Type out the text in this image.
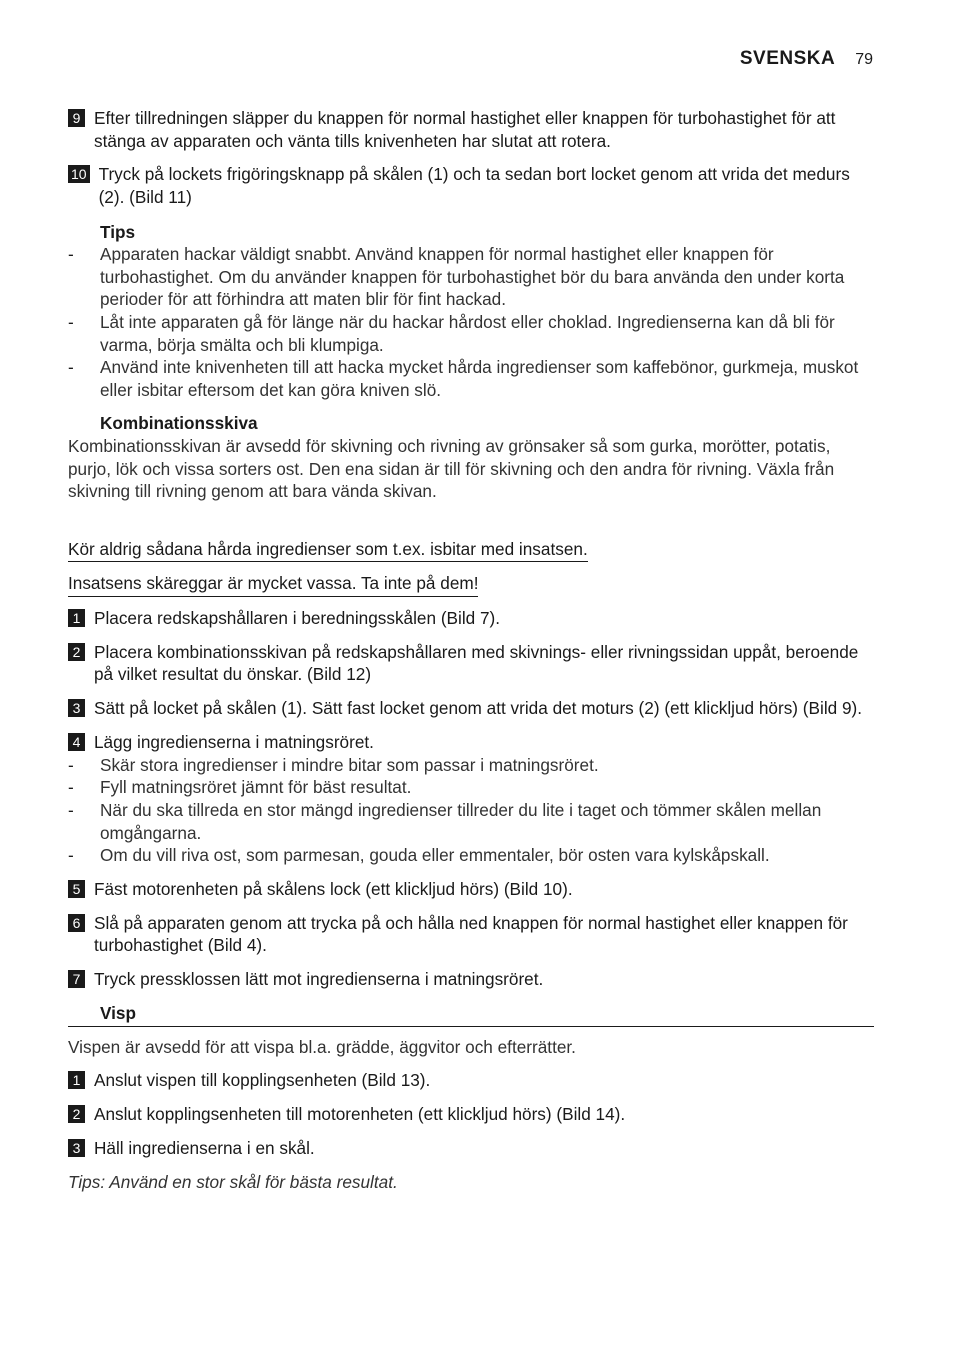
SVENSKA 79
9 Efter tillredningen släpper du knappen för normal hastighet eller knappen för turbohastighet för att stänga av apparaten och vänta tills knivenheten har slutat att rotera.
10 Tryck på lockets frigöringsknapp på skålen (1) och ta sedan bort locket genom att vrida det medurs (2). (Bild 11)
Tips
-	Apparaten hackar väldigt snabbt. Använd knappen för normal hastighet eller knappen för turbohastighet. Om du använder knappen för turbohastighet bör du bara använda den under korta perioder för att förhindra att maten blir för fint hackad.
-	Låt inte apparaten gå för länge när du hackar hårdost eller choklad. Ingredienserna kan då bli för varma, börja smälta och bli klumpiga.
-	Använd inte knivenheten till att hacka mycket hårda ingredienser som kaffebönor, gurkmeja, muskot eller isbitar eftersom det kan göra kniven slö.
Kombinationsskiva
Kombinationsskivan är avsedd för skivning och rivning av grönsaker så som gurka, morötter, potatis, purjo, lök och vissa sorters ost. Den ena sidan är till för skivning och den andra för rivning. Växla från skivning till rivning genom att bara vända skivan.
Kör aldrig sådana hårda ingredienser som t.ex. isbitar med insatsen.
Insatsens skäreggar är mycket vassa. Ta inte på dem!
1 Placera redskapshållaren i beredningsskålen (Bild 7).
2 Placera kombinationsskivan på redskapshållaren med skivnings- eller rivningssidan uppåt, beroende på vilket resultat du önskar. (Bild 12)
3 Sätt på locket på skålen (1). Sätt fast locket genom att vrida det moturs (2) (ett klickljud hörs) (Bild 9).
4 Lägg ingredienserna i matningsröret.
-	Skär stora ingredienser i mindre bitar som passar i matningsröret.
-	Fyll matningsröret jämnt för bäst resultat.
-	När du ska tillreda en stor mängd ingredienser tillreder du lite i taget och tömmer skålen mellan omgångarna.
-	Om du vill riva ost, som parmesan, gouda eller emmentaler, bör osten vara kylskåpskall.
5 Fäst motorenheten på skålens lock (ett klickljud hörs) (Bild 10).
6 Slå på apparaten genom att trycka på och hålla ned knappen för normal hastighet eller knappen för turbohastighet (Bild 4).
7 Tryck pressklossen lätt mot ingredienserna i matningsröret.
Visp
Vispen är avsedd för att vispa bl.a. grädde, äggvitor och efterrätter.
1 Anslut vispen till kopplingsenheten (Bild 13).
2 Anslut kopplingsenheten till motorenheten (ett klickljud hörs) (Bild 14).
3 Häll ingredienserna i en skål.
Tips: Använd en stor skål för bästa resultat.
